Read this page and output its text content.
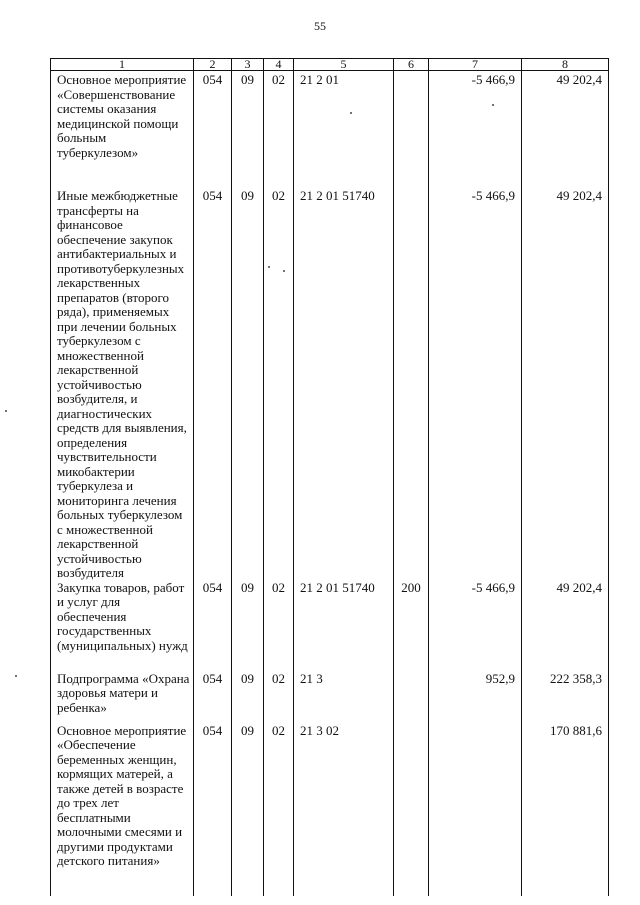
55
1	2	3	4	5	6	7	8
Основное мероприятие «Совершенствование системы оказания медицинской помощи больным туберкулезом»	054	09	02	21 2 01		-5 466,9	49 202,4
Иные межбюджетные трансферты на финансовое обеспечение закупок антибактериальных и противотуберкулезных лекарственных препаратов (второго ряда), применяемых при лечении больных туберкулезом с множественной лекарственной устойчивостью возбудителя, и диагностических средств для выявления, определения чувствительности микобактерии туберкулеза и мониторинга лечения больных туберкулезом с множественной лекарственной устойчивостью возбудителя	054	09	02	21 2 01 51740		-5 466,9	49 202,4
Закупка товаров, работ и услуг для обеспечения государственных (муниципальных) нужд	054	09	02	21 2 01 51740	200	-5 466,9	49 202,4
Подпрограмма «Охрана здоровья матери и ребенка»	054	09	02	21 3		952,9	222 358,3
Основное мероприятие «Обеспечение беременных женщин, кормящих матерей, а также детей в возрасте до трех лет бесплатными молочными смесями и другими продуктами детского питания»	054	09	02	21 3 02			170 881,6
